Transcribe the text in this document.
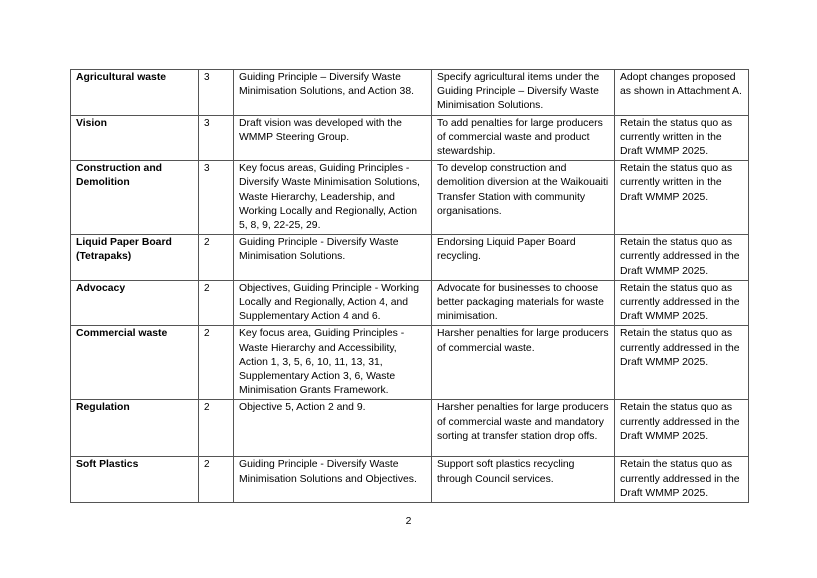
Agricultural waste	3	Guiding Principle – Diversify Waste Minimisation Solutions, and Action 38.	Specify agricultural items under the Guiding Principle – Diversify Waste Minimisation Solutions.	Adopt changes proposed as shown in Attachment A.
Vision	3	Draft vision was developed with the WMMP Steering Group.	To add penalties for large producers of commercial waste and product stewardship.	Retain the status quo as currently written in the Draft WMMP 2025.
Construction and Demolition	3	Key focus areas, Guiding Principles - Diversify Waste Minimisation Solutions, Waste Hierarchy, Leadership, and Working Locally and Regionally, Action 5, 8, 9, 22-25, 29.	To develop construction and demolition diversion at the Waikouaiti Transfer Station with community organisations.	Retain the status quo as currently written in the Draft WMMP 2025.
Liquid Paper Board (Tetrapaks)	2	Guiding Principle - Diversify Waste Minimisation Solutions.	Endorsing Liquid Paper Board recycling.	Retain the status quo as currently addressed in the Draft WMMP 2025.
Advocacy	2	Objectives, Guiding Principle - Working Locally and Regionally, Action 4, and Supplementary Action 4 and 6.	Advocate for businesses to choose better packaging materials for waste minimisation.	Retain the status quo as currently addressed in the Draft WMMP 2025.
Commercial waste	2	Key focus area, Guiding Principles - Waste Hierarchy and Accessibility, Action 1, 3, 5, 6, 10, 11, 13, 31, Supplementary Action 3, 6, Waste Minimisation Grants Framework.	Harsher penalties for large producers of commercial waste.	Retain the status quo as currently addressed in the Draft WMMP 2025.
Regulation	2	Objective 5, Action 2 and 9.	Harsher penalties for large producers of commercial waste and mandatory sorting at transfer station drop offs.	Retain the status quo as currently addressed in the Draft WMMP 2025.
Soft Plastics	2	Guiding Principle - Diversify Waste Minimisation Solutions and Objectives.	Support soft plastics recycling through Council services.	Retain the status quo as currently addressed in the Draft WMMP 2025.
2
